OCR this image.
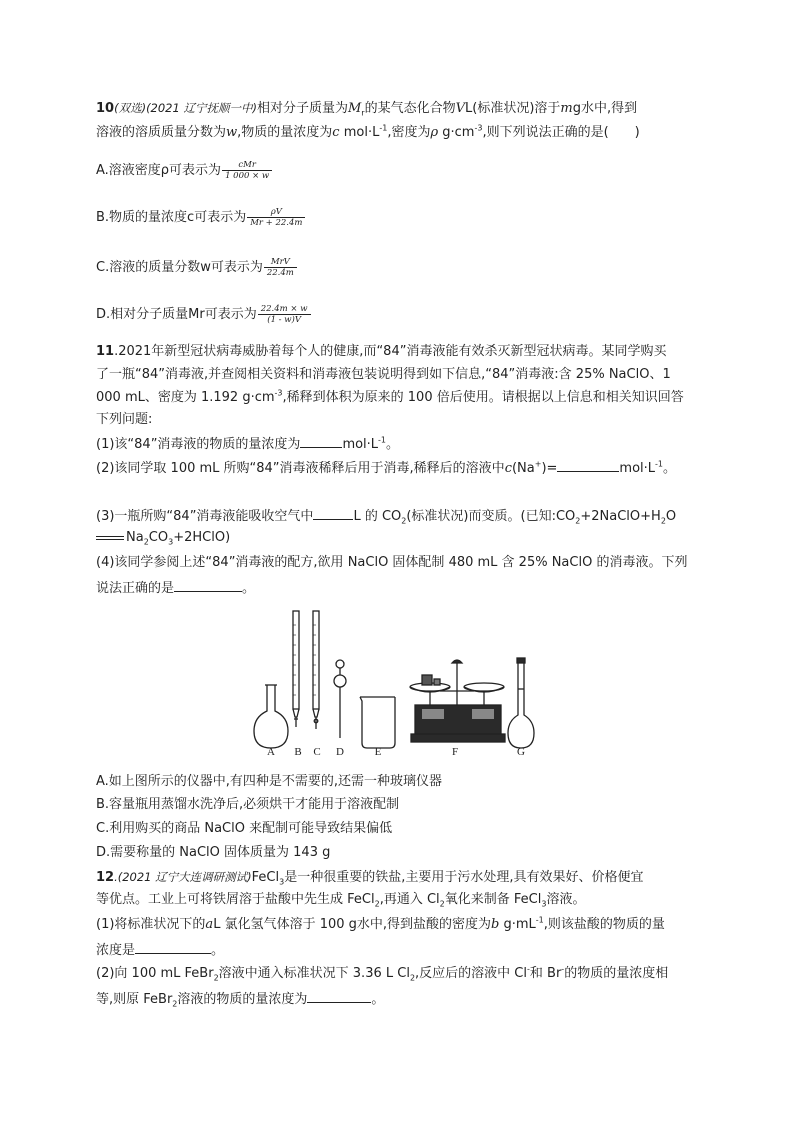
10(双选)(2021 辽宁抚顺一中)相对分子质量为$M_r$的某气态化合物VL(标准状况)溶于mg水中,得到
溶液的溶质质量分数为w,物质的量浓度为c $mol\cdot L^{-1}$,密度为ρ $g\cdot cm^{-3}$,则下列说法正确的是(　　)
A.溶液密度ρ可表示为 $\frac{\text{cMr}}{1 000 \times w}$
B.物质的量浓度c可表示为 $\frac{\rho V}{Mr + 22.4m}$
C.溶液的质量分数w可表示为 $\frac{\text{MrV}}{22.4m}$
D.相对分子质量Mr可表示为 $\frac{22.4m \times w}{(1 - w)V}$
11.2021年新型冠状病毒威胁着每个人的健康,而“84”消毒液能有效杀灭新型冠状病毒。某同学购买
了一瓶“84”消毒液,并查阅相关资料和消毒液包装说明得到如下信息,“84”消毒液:含 25% NaClO、1
000 mL、密度为 1.192 $g\cdot cm^{-3}$,稀释到体积为原来的 100 倍后使用。请根据以上信息和相关知识回答
下列问题:
(1)该“84”消毒液的物质的量浓度为	$mol\cdot L^{-1}$。
(2)该同学取 100 mL 所购“84”消毒液稀释后用于消毒,稀释后的溶液中c(Na+)=	$mol\cdot L^{-1}$。
(3)一瓶所购“84”消毒液能吸收空气中	L 的 $CO_2$(标准状况)而变质。(已知$:CO_2+2NaClO+H_2O$
$Na_2CO_3+2HClO$)
(4)该同学参阅上述“84”消毒液的配方,欲用 NaClO 固体配制 480 mL 含 25% NaClO 的消毒液。下列
说法正确的是	。
A B C D	E	F	G
A.如上图所示的仪器中,有四种是不需要的,还需一种玻璃仪器
B.容量瓶用蒸馏水洗净后,必须烘干才能用于溶液配制
C.利用购买的商品 NaClO 来配制可能导致结果偏低
D.需要称量的 NaClO 固体质量为 143 g
12.(2021 辽宁大连调研测试)FeCl$_3$是一种很重要的铁盐,主要用于污水处理,具有效果好、价格便宜
等优点。工业上可将铁屑溶于盐酸中先生成 FeCl$_2$,再通入 $Cl_2$氧化来制备 FeCl$_3$溶液。
(1)将标准状况下的aL 氯化氢气体溶于 100 g水中,得到盐酸的密度为b $g\cdot mL^{-1}$,则该盐酸的物质的量
浓度是	。
(2)向 100 mL FeBr$_2$溶液中通入标准状况下 3.36 L $Cl_2$,反应后的溶液中 Cl-和 Br-的物质的量浓度相
等,则原 FeBr$_2$溶液的物质的量浓度为	。
